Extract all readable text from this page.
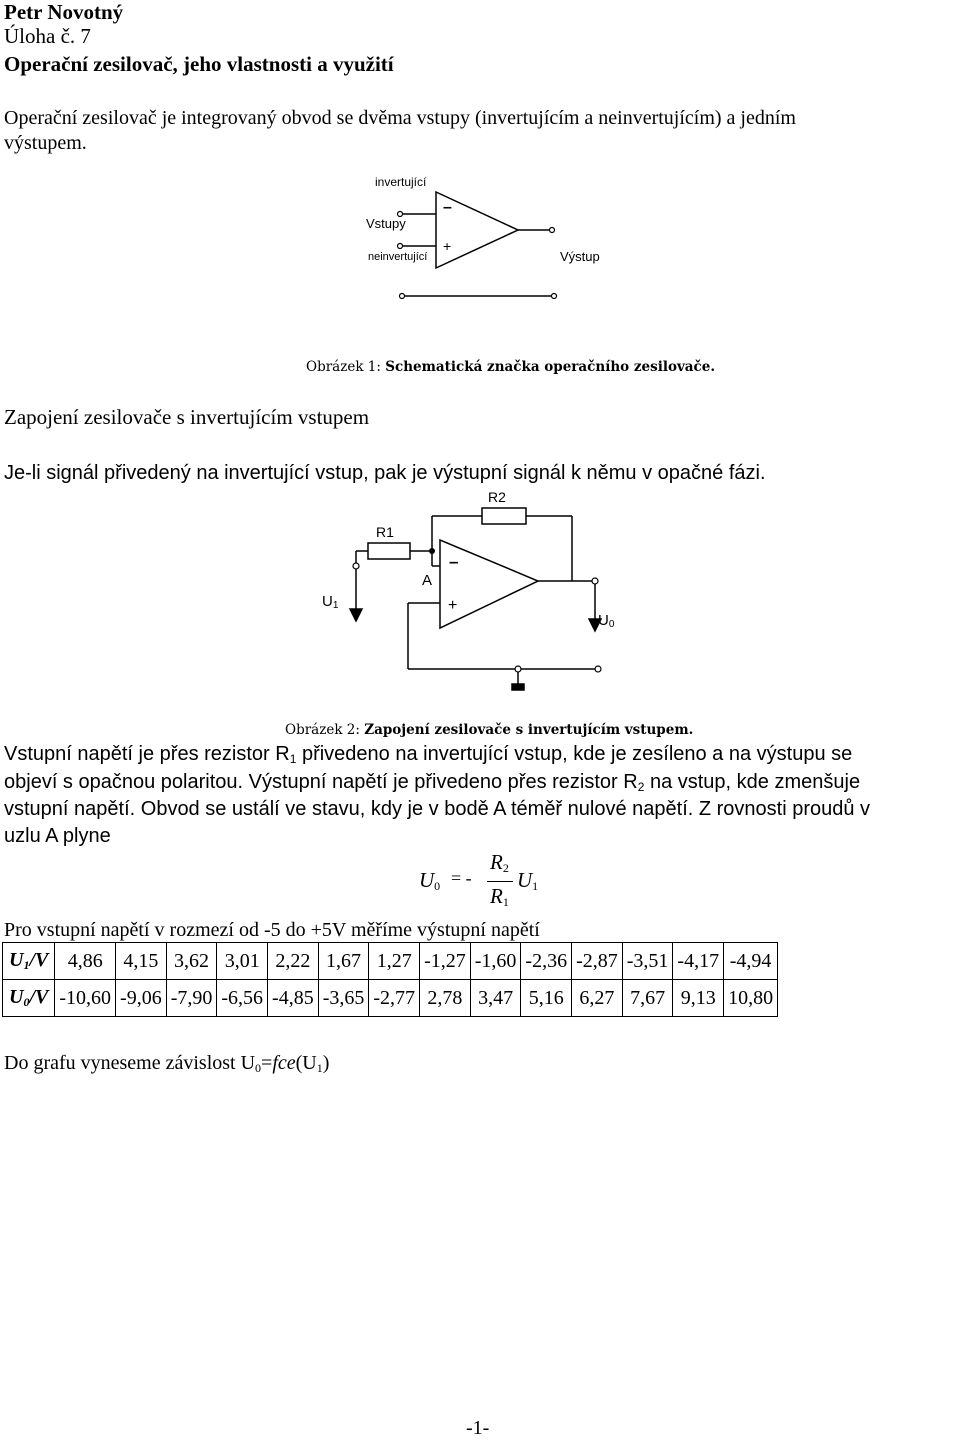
Petr Novotný
Úloha č. 7
Operační zesilovač, jeho vlastnosti a využití
Operační zesilovač je integrovaný obvod se dvěma vstupy (invertujícím a neinvertujícím) a jedním
výstupem.
invertující
Vstupy
neinvertující	Výstup
–
+
Obrázek 1: Schematická značka operačního zesilovače.
Zapojení zesilovače s invertujícím vstupem
Je-li signál přivedený na invertující vstup, pak je výstupní signál k němu v opačné fázi.
R2
R1
A
–
+
U1
U0
Obrázek 2: Zapojení zesilovače s invertujícím vstupem.
Vstupní napětí je přes rezistor $R_1$ přivedeno na invertující vstup, kde je zesíleno a na výstupu se
objeví s opačnou polaritou. Výstupní napětí je přivedeno přes rezistor $R_2$ na vstup, kde zmenšuje
vstupní napětí. Obvod se ustálí ve stavu, kdy je v bodě A téměř nulové napětí. Z rovnosti proudů v
uzlu A plyne
$U_0$ = -
$R_2$
$R_1$
$U_1$
Pro vstupní napětí v rozmezí od -5 do +5V měříme výstupní napětí
$U_1/V$	4,86	4,15	3,62	3,01	2,22	1,67	1,27	-1,27	-1,60	-2,36	-2,87	-3,51	-4,17	-4,94
$U_0/V$	-10,60	-9,06	-7,90	-6,56	-4,85	-3,65	-2,77	2,78	3,47	5,16	6,27	7,67	9,13	10,80
Do grafu vyneseme závislost $U_0=fce(U_1)$
-1-
